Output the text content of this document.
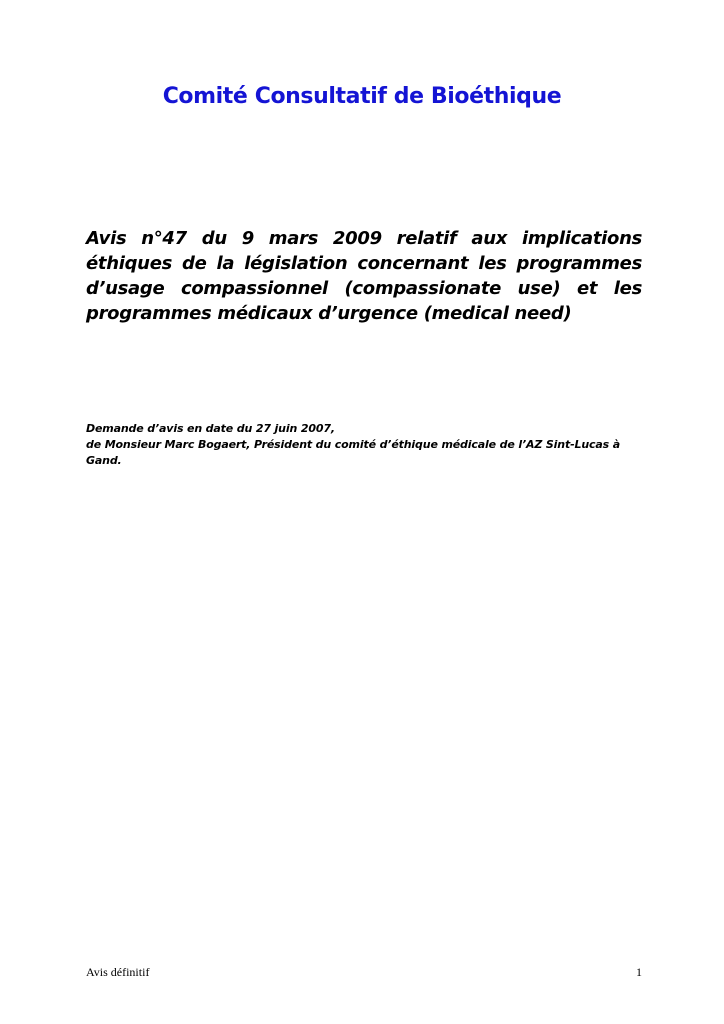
Comité Consultatif de Bioéthique

Avis n°47 du 9 mars 2009 relatif aux implications éthiques de la législation concernant les programmes d’usage compassionnel (compassionate use) et les programmes médicaux d’urgence (medical need)

Demande d’avis en date du 27 juin 2007,
de Monsieur Marc Bogaert, Président du comité d’éthique médicale de l’AZ Sint-Lucas à Gand.
Avis définitif	1
